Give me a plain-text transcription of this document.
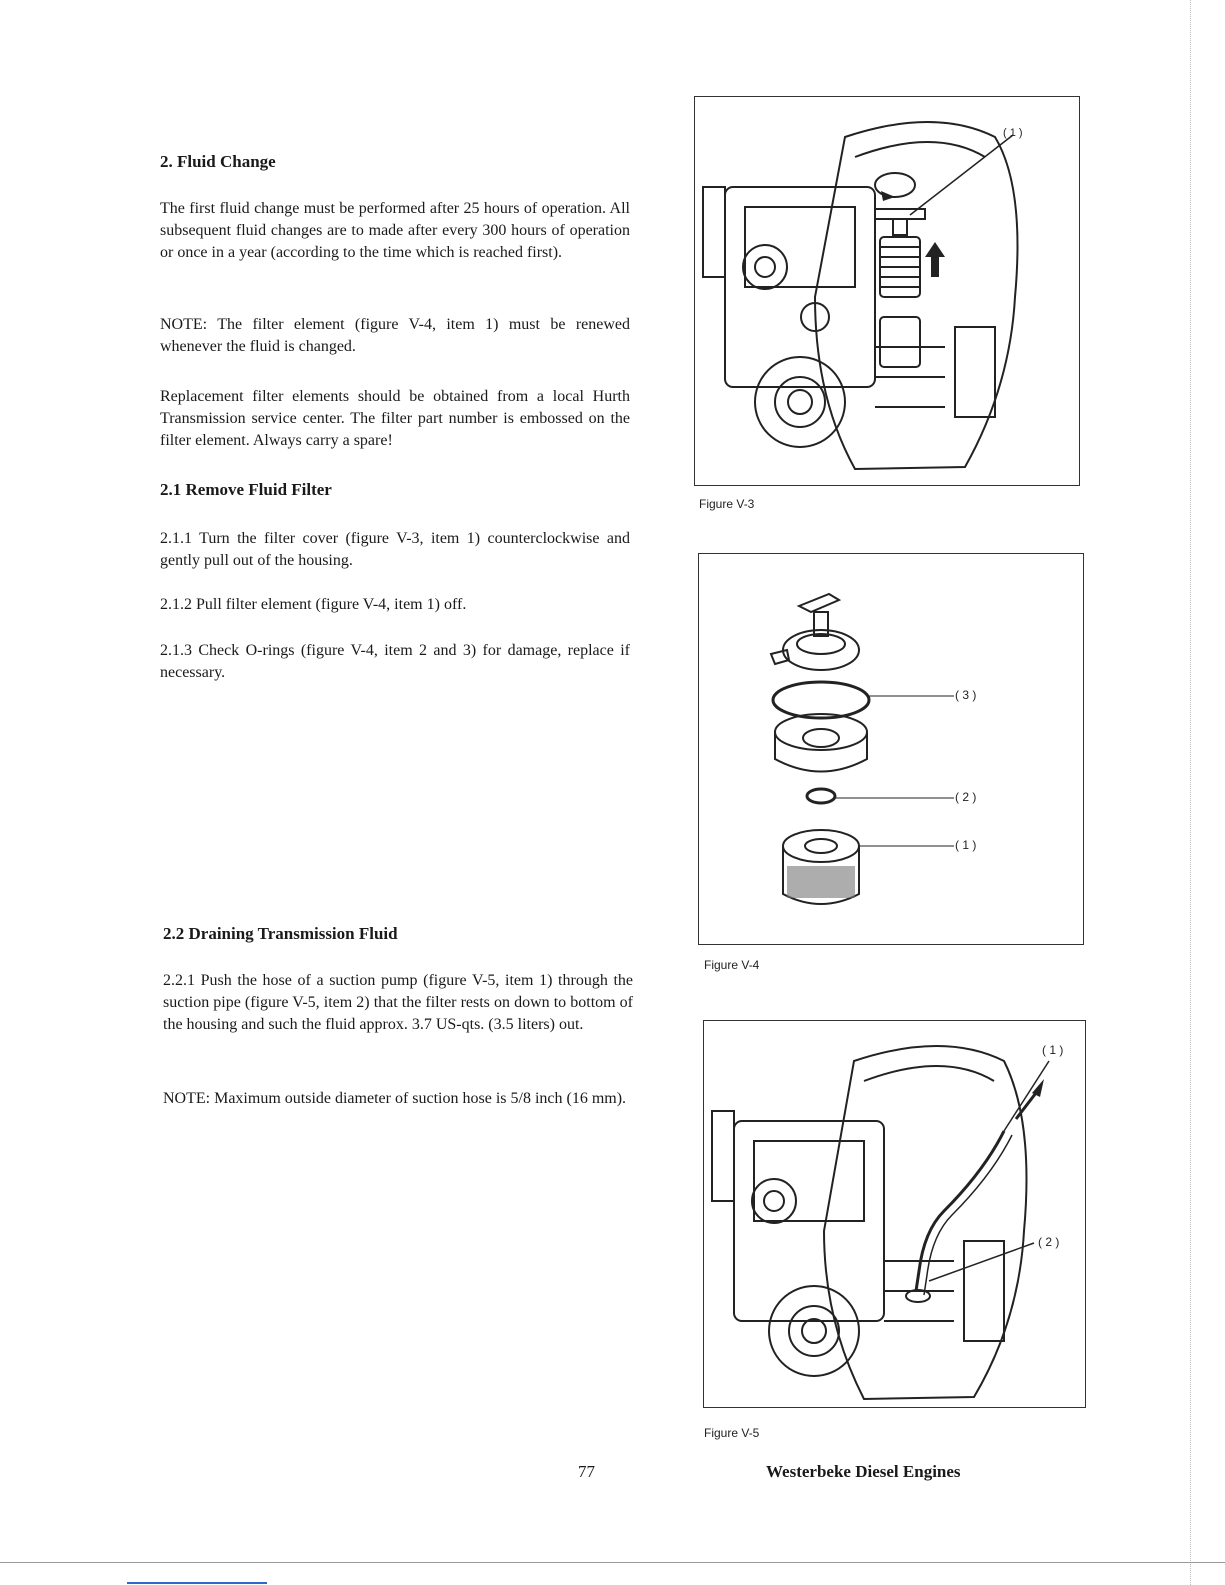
2. Fluid Change

The first fluid change must be performed after 25 hours of operation. All subsequent fluid changes are to made after every 300 hours of operation or once in a year (according to the time which is reached first).

NOTE: The filter element (figure V-4, item 1) must be renewed whenever the fluid is changed.

Replacement filter elements should be obtained from a local Hurth Transmission service center. The filter part number is embossed on the filter element. Always carry a spare!

2.1 Remove Fluid Filter

2.1.1 Turn the filter cover (figure V-3, item 1) counterclockwise and gently pull out of the housing.

2.1.2 Pull filter element (figure V-4, item 1) off.

2.1.3 Check O-rings (figure V-4, item 2 and 3) for damage, replace if necessary.

2.2 Draining Transmission Fluid

2.2.1 Push the hose of a suction pump (figure V-5, item 1) through the suction pipe (figure V-5, item 2) that the filter rests on down to bottom of the housing and such the fluid approx. 3.7 US-qts. (3.5 liters) out.

NOTE: Maximum outside diameter of suction hose is 5/8 inch (16 mm).

( 1 )
Figure V-3
( 3 )
( 2 )
( 1 )
Figure V-4
( 1 )
( 2 )
Figure V-5
77	Westerbeke Diesel Engines
